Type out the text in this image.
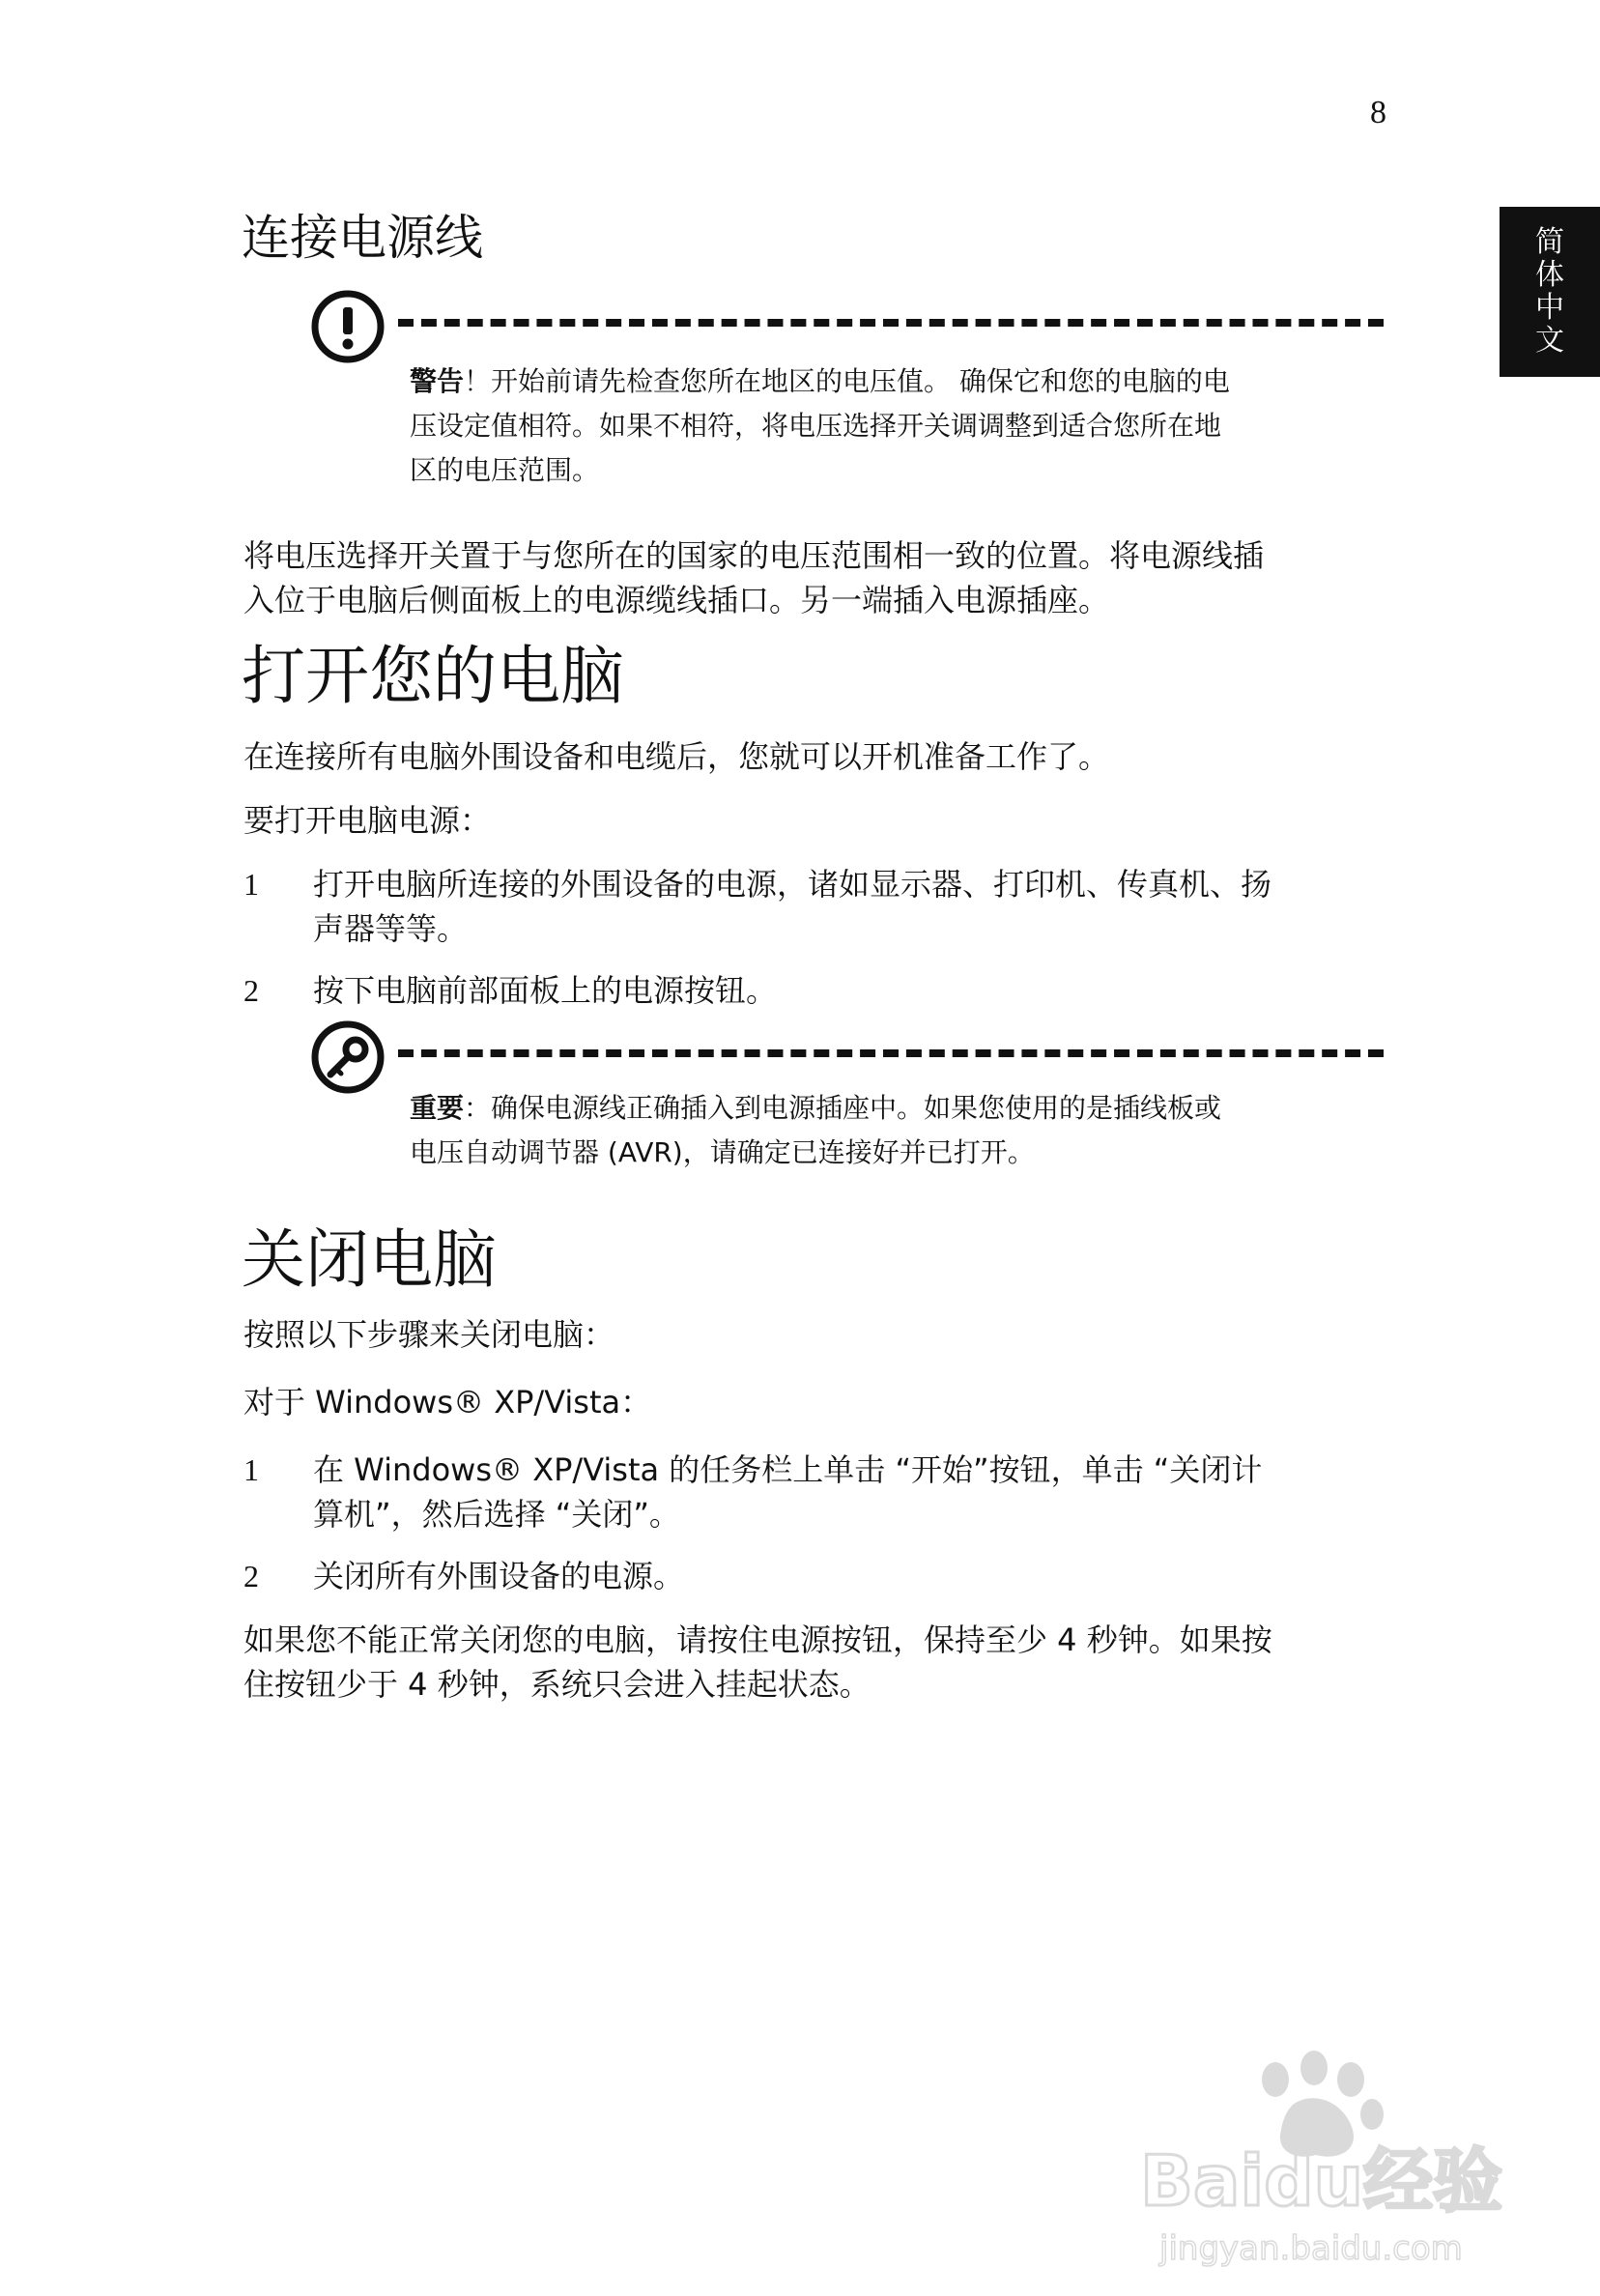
8
简
体
中
文
连接电源线
警告！开始前请先检查您所在地区的电压值。 确保它和您的电脑的电
压设定值相符。如果不相符，将电压选择开关调调整到适合您所在地
区的电压范围。
将电压选择开关置于与您所在的国家的电压范围相一致的位置。将电源线插
入位于电脑后侧面板上的电源缆线插口。另一端插入电源插座。
打开您的电脑
在连接所有电脑外围设备和电缆后，您就可以开机准备工作了。
要打开电脑电源：
1 打开电脑所连接的外围设备的电源，诸如显示器、打印机、传真机、扬
声器等等。
2 按下电脑前部面板上的电源按钮。
重要：确保电源线正确插入到电源插座中。如果您使用的是插线板或
电压自动调节器 (AVR)，请确定已连接好并已打开。
关闭电脑
按照以下步骤来关闭电脑：
对于 Windows® XP/Vista：
1 在 Windows® XP/Vista 的任务栏上单击 “开始”按钮，单击 “关闭计
算机”，然后选择 “关闭”。
2 关闭所有外围设备的电源。
如果您不能正常关闭您的电脑，请按住电源按钮，保持至少 4 秒钟。如果按
住按钮少于 4 秒钟，系统只会进入挂起状态。
Baidu经验
jingyan.baidu.com
